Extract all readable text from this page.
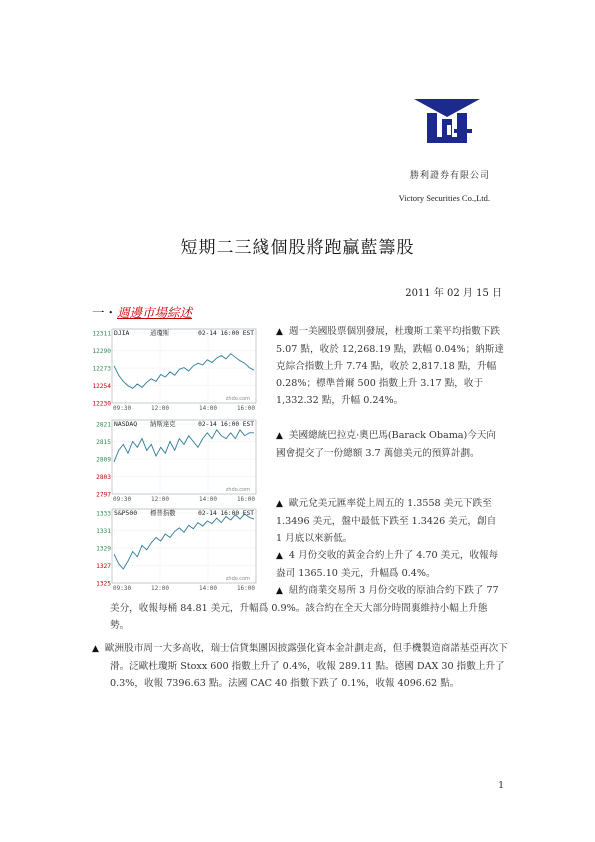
勝利證券有限公司
Victory Securities Co.,Ltd.
短期二三綫個股將跑贏藍籌股
2011 年 02 月 15 日
一・週邊市場綜述
12311
12290
12273
12254
12230
09:30	12:00	14:00	16:00
DJIA	道瓊斯	02-14 16:00 EST
zhdo.com
2821
2815
2809
2803
2797
09:30	12:00	14:00	16:00
NASDAQ 納斯達克	02-14 16:00 EST
zhdo.com
1333
1331
1329
1327
1325
09:30	12:00	14:00	16:00
S&P500 標普指數	02-14 16:00 EST
zhdo.com
▲ 週一美國股票個別發展，杜瓊斯工業平均指數下跌 5.07 點，收於 12,268.19 點，跌幅 0.04%；納斯達克綜合指數上升 7.74 點，收於 2,817.18 點，升幅 0.28%；標準普爾 500 指數上升 3.17 點，收于 1,332.32 點，升幅 0.24%。
▲ 美國總統巴拉克·奧巴馬(Barack Obama)今天向國會提交了一份總額 3.7 萬億美元的預算計劃。
▲ 歐元兌美元匯率從上周五的 1.3558 美元下跌至 1.3496 美元，盤中最低下跌至 1.3426 美元，創自 1 月底以來新低。
▲ 4 月份交收的黃金合約上升了 4.70 美元，收報每盎司 1365.10 美元，升幅爲 0.4%。
▲ 紐約商業交易所 3 月份交收的原油合約下跌了 77 美分，收報每桶 84.81 美元，升幅爲 0.9%。該合約在全天大部分時間裏維持小幅上升態勢。
▲ 歐洲股市周一大多高收，瑞士信貸集團因披露强化資本金計劃走高，但手機製造商諾基亞再次下滑。泛歐杜瓊斯 Stoxx 600 指數上升了 0.4%，收報 289.11 點。德國 DAX 30 指數上升了 0.3%，收報 7396.63 點。法國 CAC 40 指數下跌了 0.1%，收報 4096.62 點。
1
